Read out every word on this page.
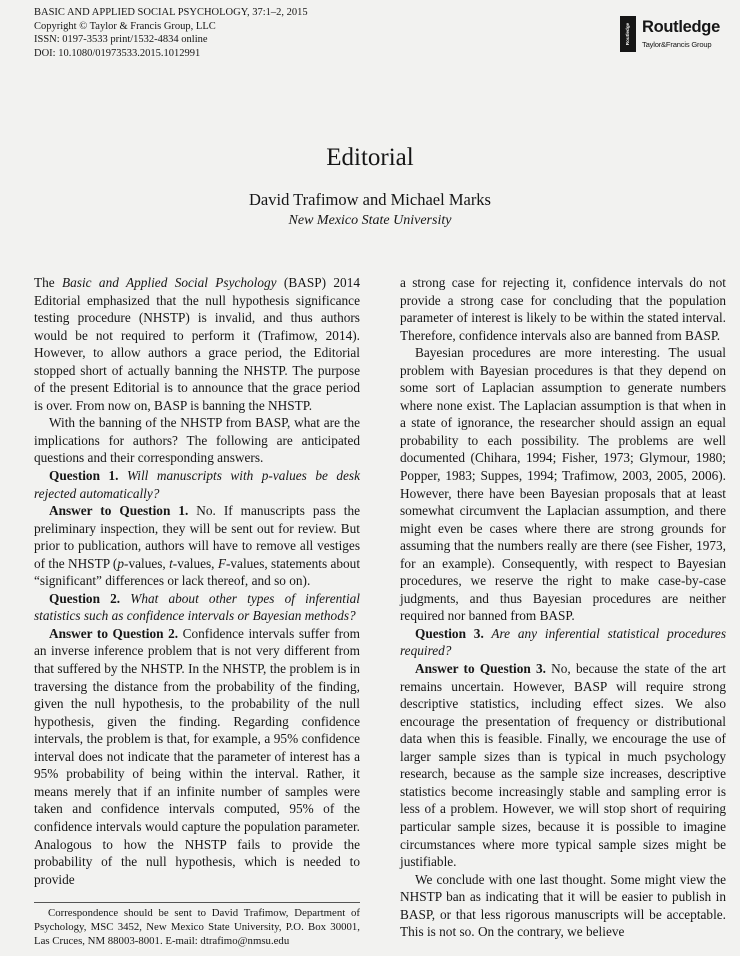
BASIC AND APPLIED SOCIAL PSYCHOLOGY, 37:1–2, 2015
Copyright © Taylor & Francis Group, LLC
ISSN: 0197-3533 print/1532-4834 online
DOI: 10.1080/01973533.2015.1012991
Routledge Routledge
Taylor&Francis Group
Editorial
David Trafimow and Michael Marks
New Mexico State University

The Basic and Applied Social Psychology (BASP) 2014 Editorial emphasized that the null hypothesis significance testing procedure (NHSTP) is invalid, and thus authors would be not required to perform it (Trafimow, 2014). However, to allow authors a grace period, the Editorial stopped short of actually banning the NHSTP. The purpose of the present Editorial is to announce that the grace period is over. From now on, BASP is banning the NHSTP.

With the banning of the NHSTP from BASP, what are the implications for authors? The following are anticipated questions and their corresponding answers.

Question 1. Will manuscripts with p-values be desk rejected automatically?

Answer to Question 1. No. If manuscripts pass the preliminary inspection, they will be sent out for review. But prior to publication, authors will have to remove all vestiges of the NHSTP (p-values, t-values, F-values, statements about “significant” differences or lack thereof, and so on).

Question 2. What about other types of inferential statistics such as confidence intervals or Bayesian methods?

Answer to Question 2. Confidence intervals suffer from an inverse inference problem that is not very different from that suffered by the NHSTP. In the NHSTP, the problem is in traversing the distance from the probability of the finding, given the null hypothesis, to the probability of the null hypothesis, given the finding. Regarding confidence intervals, the problem is that, for example, a 95% confidence interval does not indicate that the parameter of interest has a 95% probability of being within the interval. Rather, it means merely that if an infinite number of samples were taken and confidence intervals computed, 95% of the confidence intervals would capture the population parameter. Analogous to how the NHSTP fails to provide the probability of the null hypothesis, which is needed to provide

a strong case for rejecting it, confidence intervals do not provide a strong case for concluding that the population parameter of interest is likely to be within the stated interval. Therefore, confidence intervals also are banned from BASP.

Bayesian procedures are more interesting. The usual problem with Bayesian procedures is that they depend on some sort of Laplacian assumption to generate numbers where none exist. The Laplacian assumption is that when in a state of ignorance, the researcher should assign an equal probability to each possibility. The problems are well documented (Chihara, 1994; Fisher, 1973; Glymour, 1980; Popper, 1983; Suppes, 1994; Trafimow, 2003, 2005, 2006). However, there have been Bayesian proposals that at least somewhat circumvent the Laplacian assumption, and there might even be cases where there are strong grounds for assuming that the numbers really are there (see Fisher, 1973, for an example). Consequently, with respect to Bayesian procedures, we reserve the right to make case-by-case judgments, and thus Bayesian procedures are neither required nor banned from BASP.

Question 3. Are any inferential statistical procedures required?

Answer to Question 3. No, because the state of the art remains uncertain. However, BASP will require strong descriptive statistics, including effect sizes. We also encourage the presentation of frequency or distributional data when this is feasible. Finally, we encourage the use of larger sample sizes than is typical in much psychology research, because as the sample size increases, descriptive statistics become increasingly stable and sampling error is less of a problem. However, we will stop short of requiring particular sample sizes, because it is possible to imagine circumstances where more typical sample sizes might be justifiable.

We conclude with one last thought. Some might view the NHSTP ban as indicating that it will be easier to publish in BASP, or that less rigorous manuscripts will be acceptable. This is not so. On the contrary, we believe

Correspondence should be sent to David Trafimow, Department of Psychology, MSC 3452, New Mexico State University, P.O. Box 30001, Las Cruces, NM 88003-8001. E-mail: dtrafimo@nmsu.edu
